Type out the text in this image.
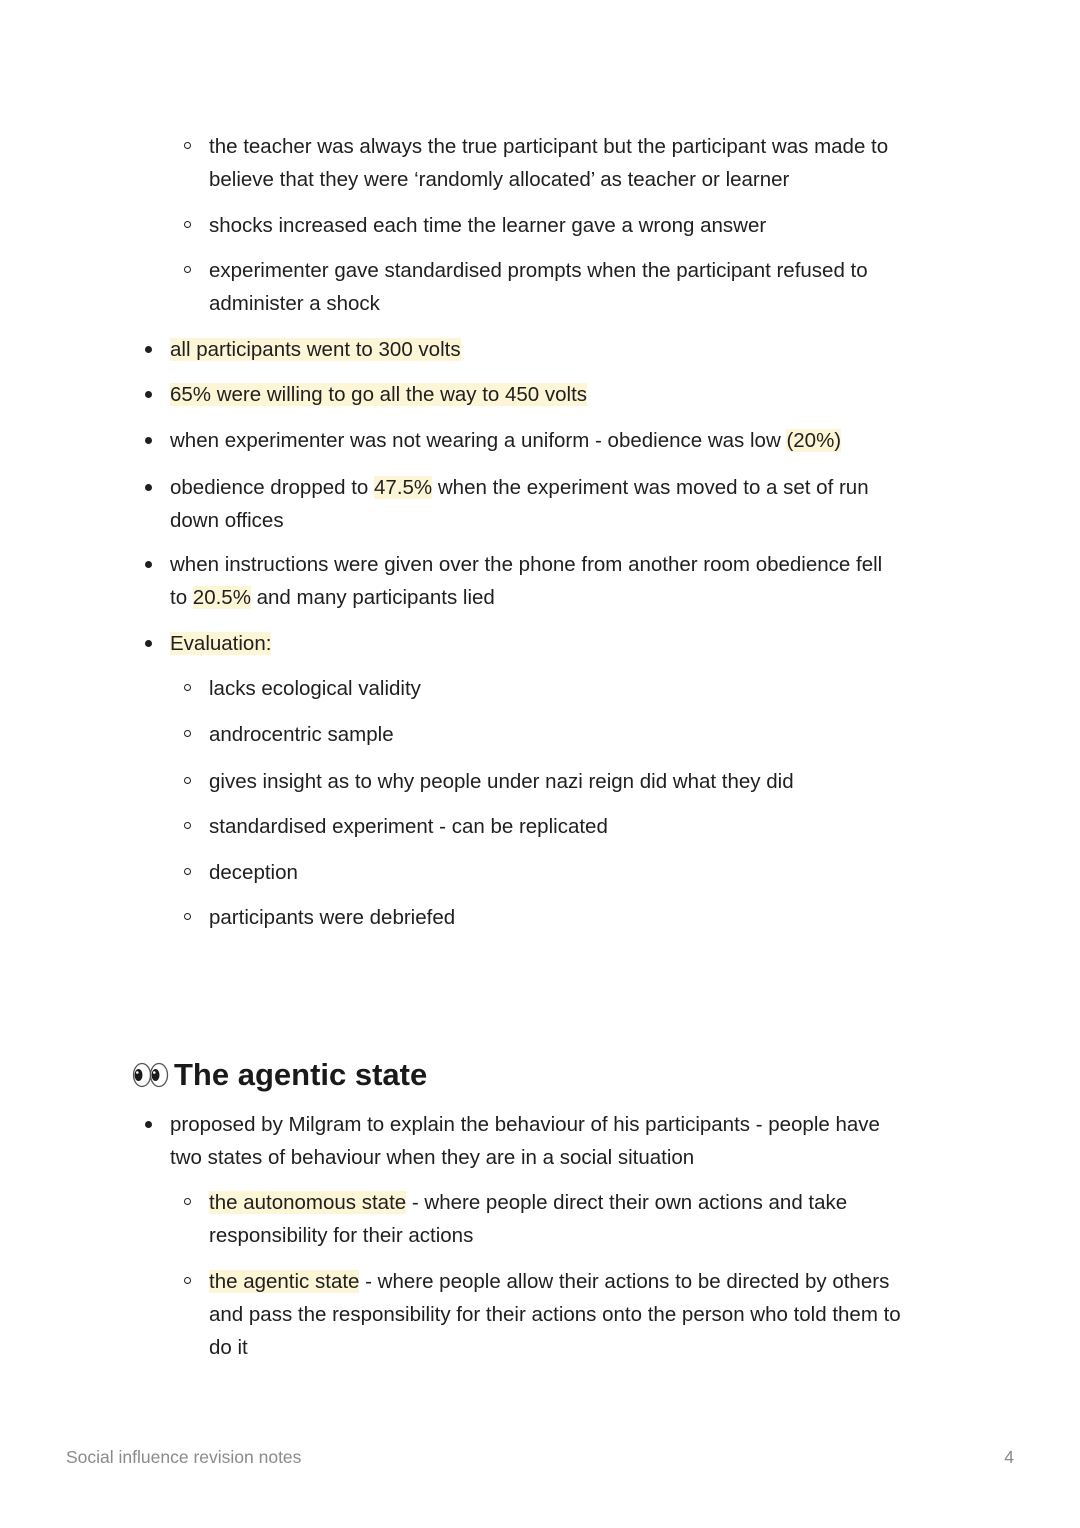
the teacher was always the true participant but the participant was made to
believe that they were ‘randomly allocated’ as teacher or learner
shocks increased each time the learner gave a wrong answer
experimenter gave standardised prompts when the participant refused to
administer a shock
all participants went to 300 volts
65% were willing to go all the way to 450 volts
when experimenter was not wearing a uniform - obedience was low (20%)
obedience dropped to 47.5% when the experiment was moved to a set of run
down offices
when instructions were given over the phone from another room obedience fell
to 20.5% and many participants lied
Evaluation:
lacks ecological validity
androcentric sample
gives insight as to why people under nazi reign did what they did
standardised experiment - can be replicated
deception
participants were debriefed
The agentic state
proposed by Milgram to explain the behaviour of his participants - people have
two states of behaviour when they are in a social situation
the autonomous state - where people direct their own actions and take
responsibility for their actions
the agentic state - where people allow their actions to be directed by others
and pass the responsibility for their actions onto the person who told them to
do it
Social influence revision notes	4
